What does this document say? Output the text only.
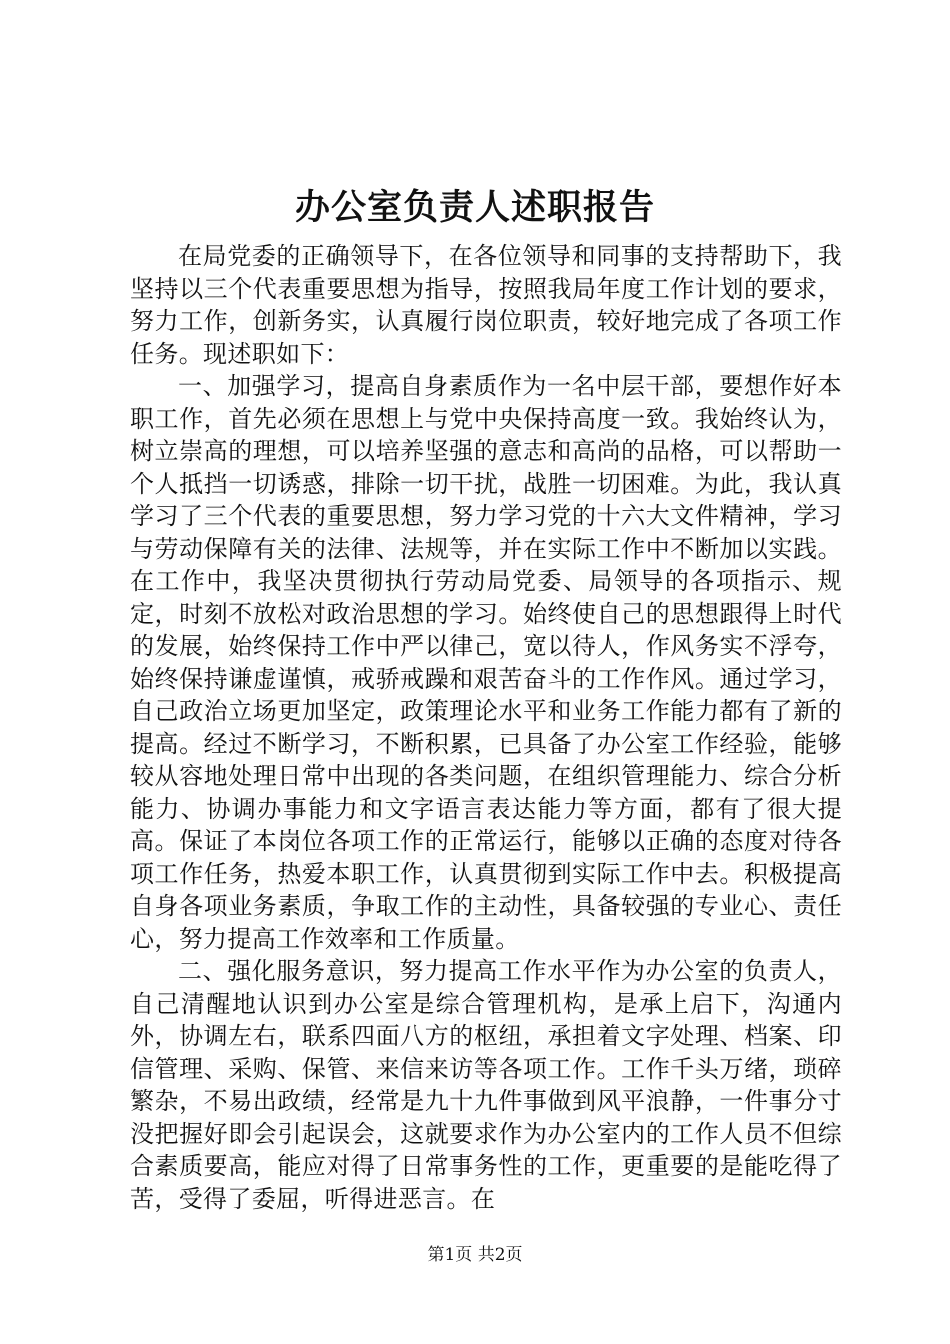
办公室负责人述职报告

在局党委的正确领导下，在各位领导和同事的支持帮助下，我坚持以三个代表重要思想为指导，按照我局年度工作计划的要求，努力工作，创新务实，认真履行岗位职责，较好地完成了各项工作任务。现述职如下：

一、加强学习，提高自身素质作为一名中层干部，要想作好本职工作，首先必须在思想上与党中央保持高度一致。我始终认为，树立崇高的理想，可以培养坚强的意志和高尚的品格，可以帮助一个人抵挡一切诱惑，排除一切干扰，战胜一切困难。为此，我认真学习了三个代表的重要思想，努力学习党的十六大文件精神，学习与劳动保障有关的法律、法规等，并在实际工作中不断加以实践。在工作中，我坚决贯彻执行劳动局党委、局领导的各项指示、规定，时刻不放松对政治思想的学习。始终使自己的思想跟得上时代的发展，始终保持工作中严以律己，宽以待人，作风务实不浮夸，始终保持谦虚谨慎，戒骄戒躁和艰苦奋斗的工作作风。通过学习，自己政治立场更加坚定，政策理论水平和业务工作能力都有了新的提高。经过不断学习，不断积累，已具备了办公室工作经验，能够较从容地处理日常中出现的各类问题，在组织管理能力、综合分析能力、协调办事能力和文字语言表达能力等方面，都有了很大提高。保证了本岗位各项工作的正常运行，能够以正确的态度对待各项工作任务，热爱本职工作，认真贯彻到实际工作中去。积极提高自身各项业务素质，争取工作的主动性，具备较强的专业心、责任心，努力提高工作效率和工作质量。

二、强化服务意识，努力提高工作水平作为办公室的负责人，自己清醒地认识到办公室是综合管理机构，是承上启下，沟通内外，协调左右，联系四面八方的枢纽，承担着文字处理、档案、印信管理、采购、保管、来信来访等各项工作。工作千头万绪，琐碎繁杂，不易出政绩，经常是九十九件事做到风平浪静，一件事分寸没把握好即会引起误会，这就要求作为办公室内的工作人员不但综合素质要高，能应对得了日常事务性的工作，更重要的是能吃得了苦，受得了委屈，听得进恶言。在

第1页 共2页
